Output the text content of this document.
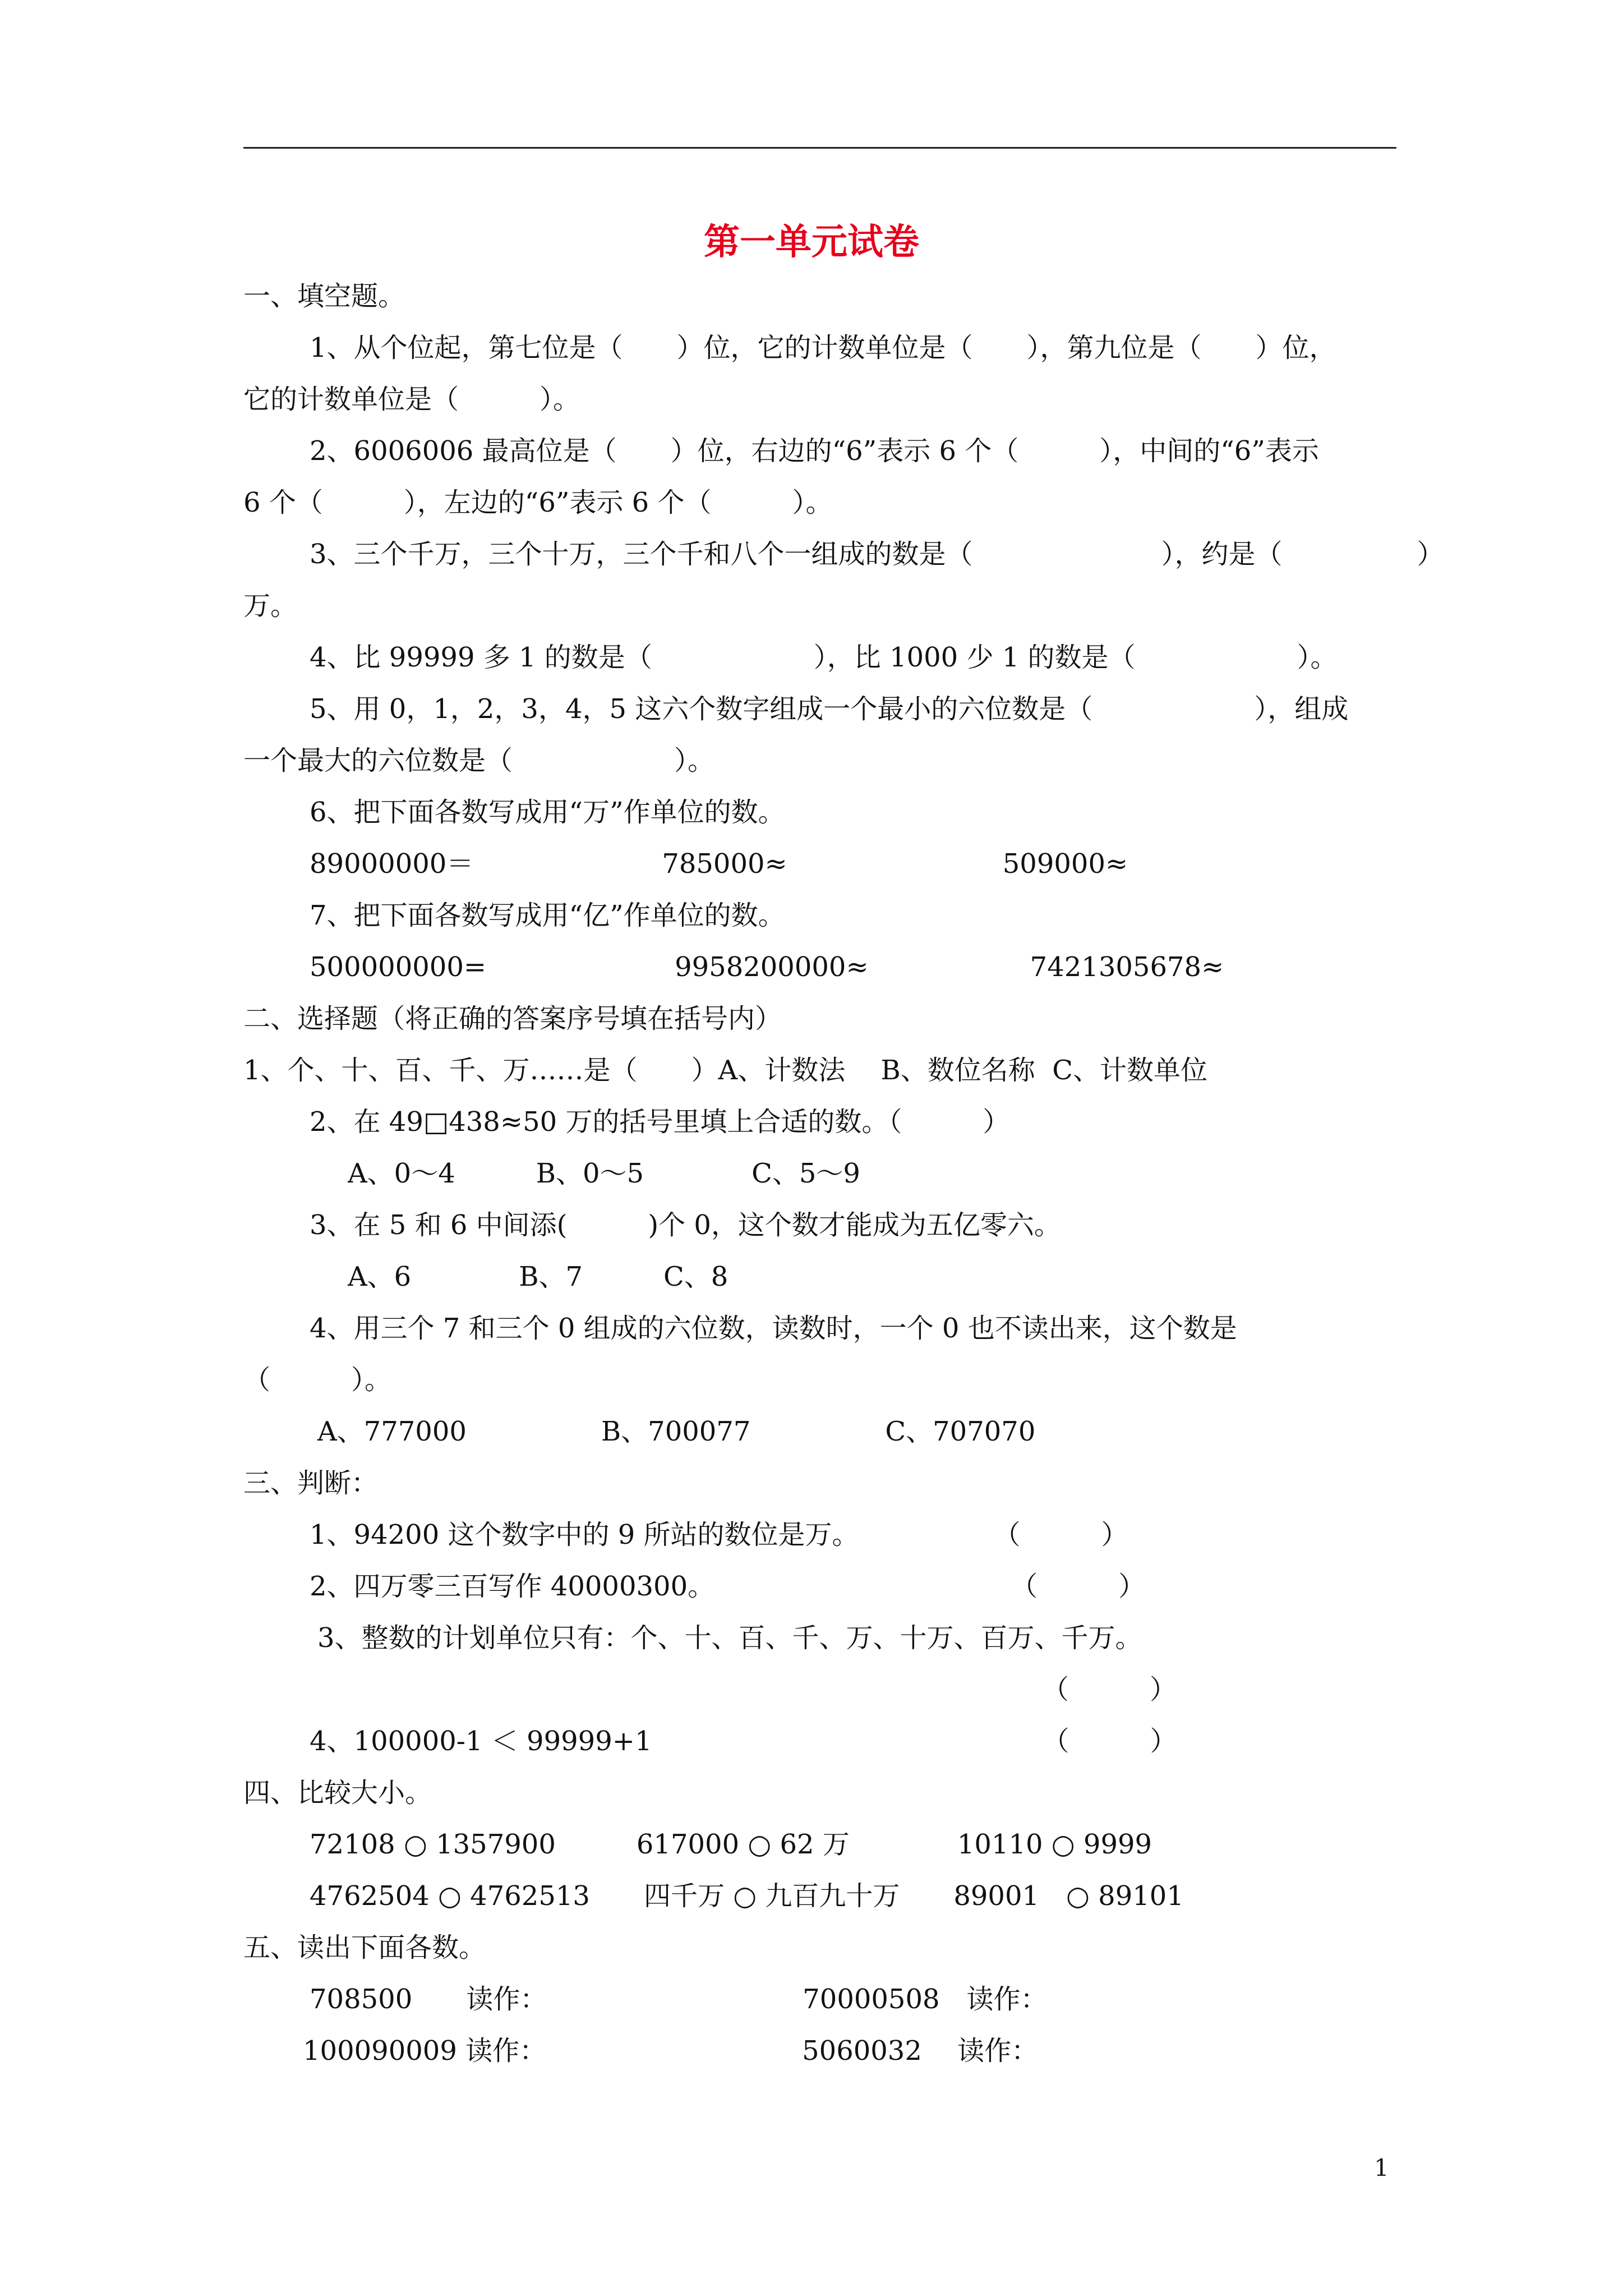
第一单元试卷
一、填空题。
1、从个位起，第七位是（　　）位，它的计数单位是（　　），第九位是（　　）位，
它的计数单位是（　　　）。
2、6006006 最高位是（　　）位，右边的“6”表示 6 个（　　　），中间的“6”表示
6 个（　　　），左边的“6”表示 6 个（　　　）。
3、三个千万，三个十万，三个千和八个一组成的数是（　　　　　　　），约是（　　　　　）
万。
4、比 99999 多 1 的数是（　　　　　　），比 1000 少 1 的数是（　　　　　　）。
5、用 0，1，2，3，4，5 这六个数字组成一个最小的六位数是（　　　　　　），组成
一个最大的六位数是（　　　　　　）。
6、把下面各数写成用“万”作单位的数。
89000000＝　　　　　　　785000≈　　　　　　　　509000≈
7、把下面各数写成用“亿”作单位的数。
500000000=　　　　　　　9958200000≈　　　　　　7421305678≈
二、选择题（将正确的答案序号填在括号内）
1、个、十、百、千、万……是（　　）A、计数法　 B、数位名称  C、计数单位
2、在 49□438≈50 万的括号里填上合适的数。（　　　）
A、0～4　　　B、0～5　　　　C、5～9
3、在 5 和 6 中间添(　　　)个 0，这个数才能成为五亿零六。
A、6　　　　B、7　　　C、8
4、用三个 7 和三个 0 组成的六位数，读数时，一个 0 也不读出来，这个数是
（　　　）。
A、777000　　　　　B、700077　　　　　C、707070
三、判断：
1、94200 这个数字中的 9 所站的数位是万。　　　　　　（　　　）
2、四万零三百写作 40000300。　　　　　　　　　　　　（　　　）
3、整数的计划单位只有：个、十、百、千、万、十万、百万、千万。
（　　　）
4、100000-1 ＜ 99999+1　　　　　　　　　　　　　　　（　　　）
四、比较大小。
72108 ○ 1357900　　　617000 ○ 62 万　　　　10110 ○ 9999
4762504 ○ 4762513　　四千万 ○ 九百九十万　　89001　○ 89101
五、读出下面各数。
708500　　读作：　　　　　　　　　　70000508　读作：
100090009 读作：　　　　　　　　　　5060032　 读作：
1
